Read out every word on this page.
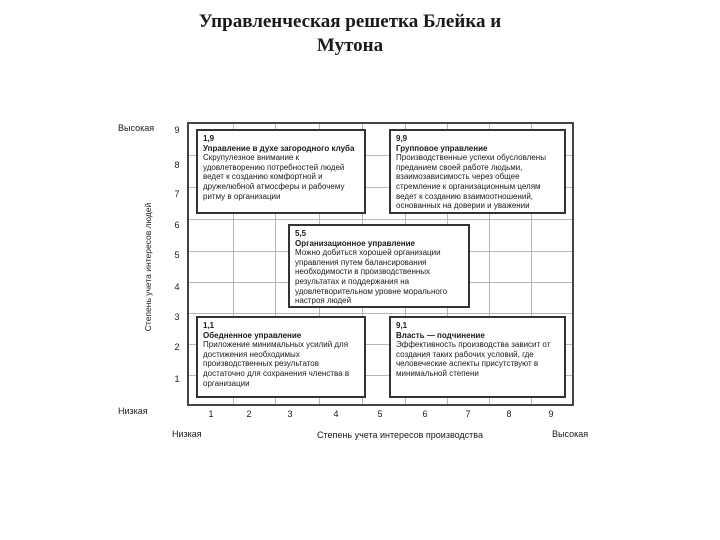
Управленческая решетка Блейка и
Мутона
Степень учета интересов людей
Высокая
Низкая
Низкая	Высокая
Степень учета интересов производства
9
8
7
6
5
4
3
2
1
1	2	3	4	5	6	7	8	9
1,9
Управление в духе загородного клуба
Скрупулезное внимание к удовлетворению потребностей людей ведет к созданию комфортной и дружелюбной атмосферы и рабочему ритму в организации
9,9
Групповое управление
Производственные успехи обусловлены преданием своей работе людьми, взаимозависимость через общее стремление к организационным целям ведет к созданию взаимоотношений, основанных на доверии и уважении
5,5
Организационное управление
Можно добиться хорошей организации управления путем балансирования необходимости в производственных результатах и поддержания на удовлетворительном уровне морального настроя людей
1,1
Обедненное управление
Приложение минимальных усилий для достижения необходимых производственных результатов достаточно для сохранения членства в организации
9,1
Власть — подчинение
Эффективность производства зависит от создания таких рабочих условий, где человеческие аспекты присутствуют в минимальной степени
